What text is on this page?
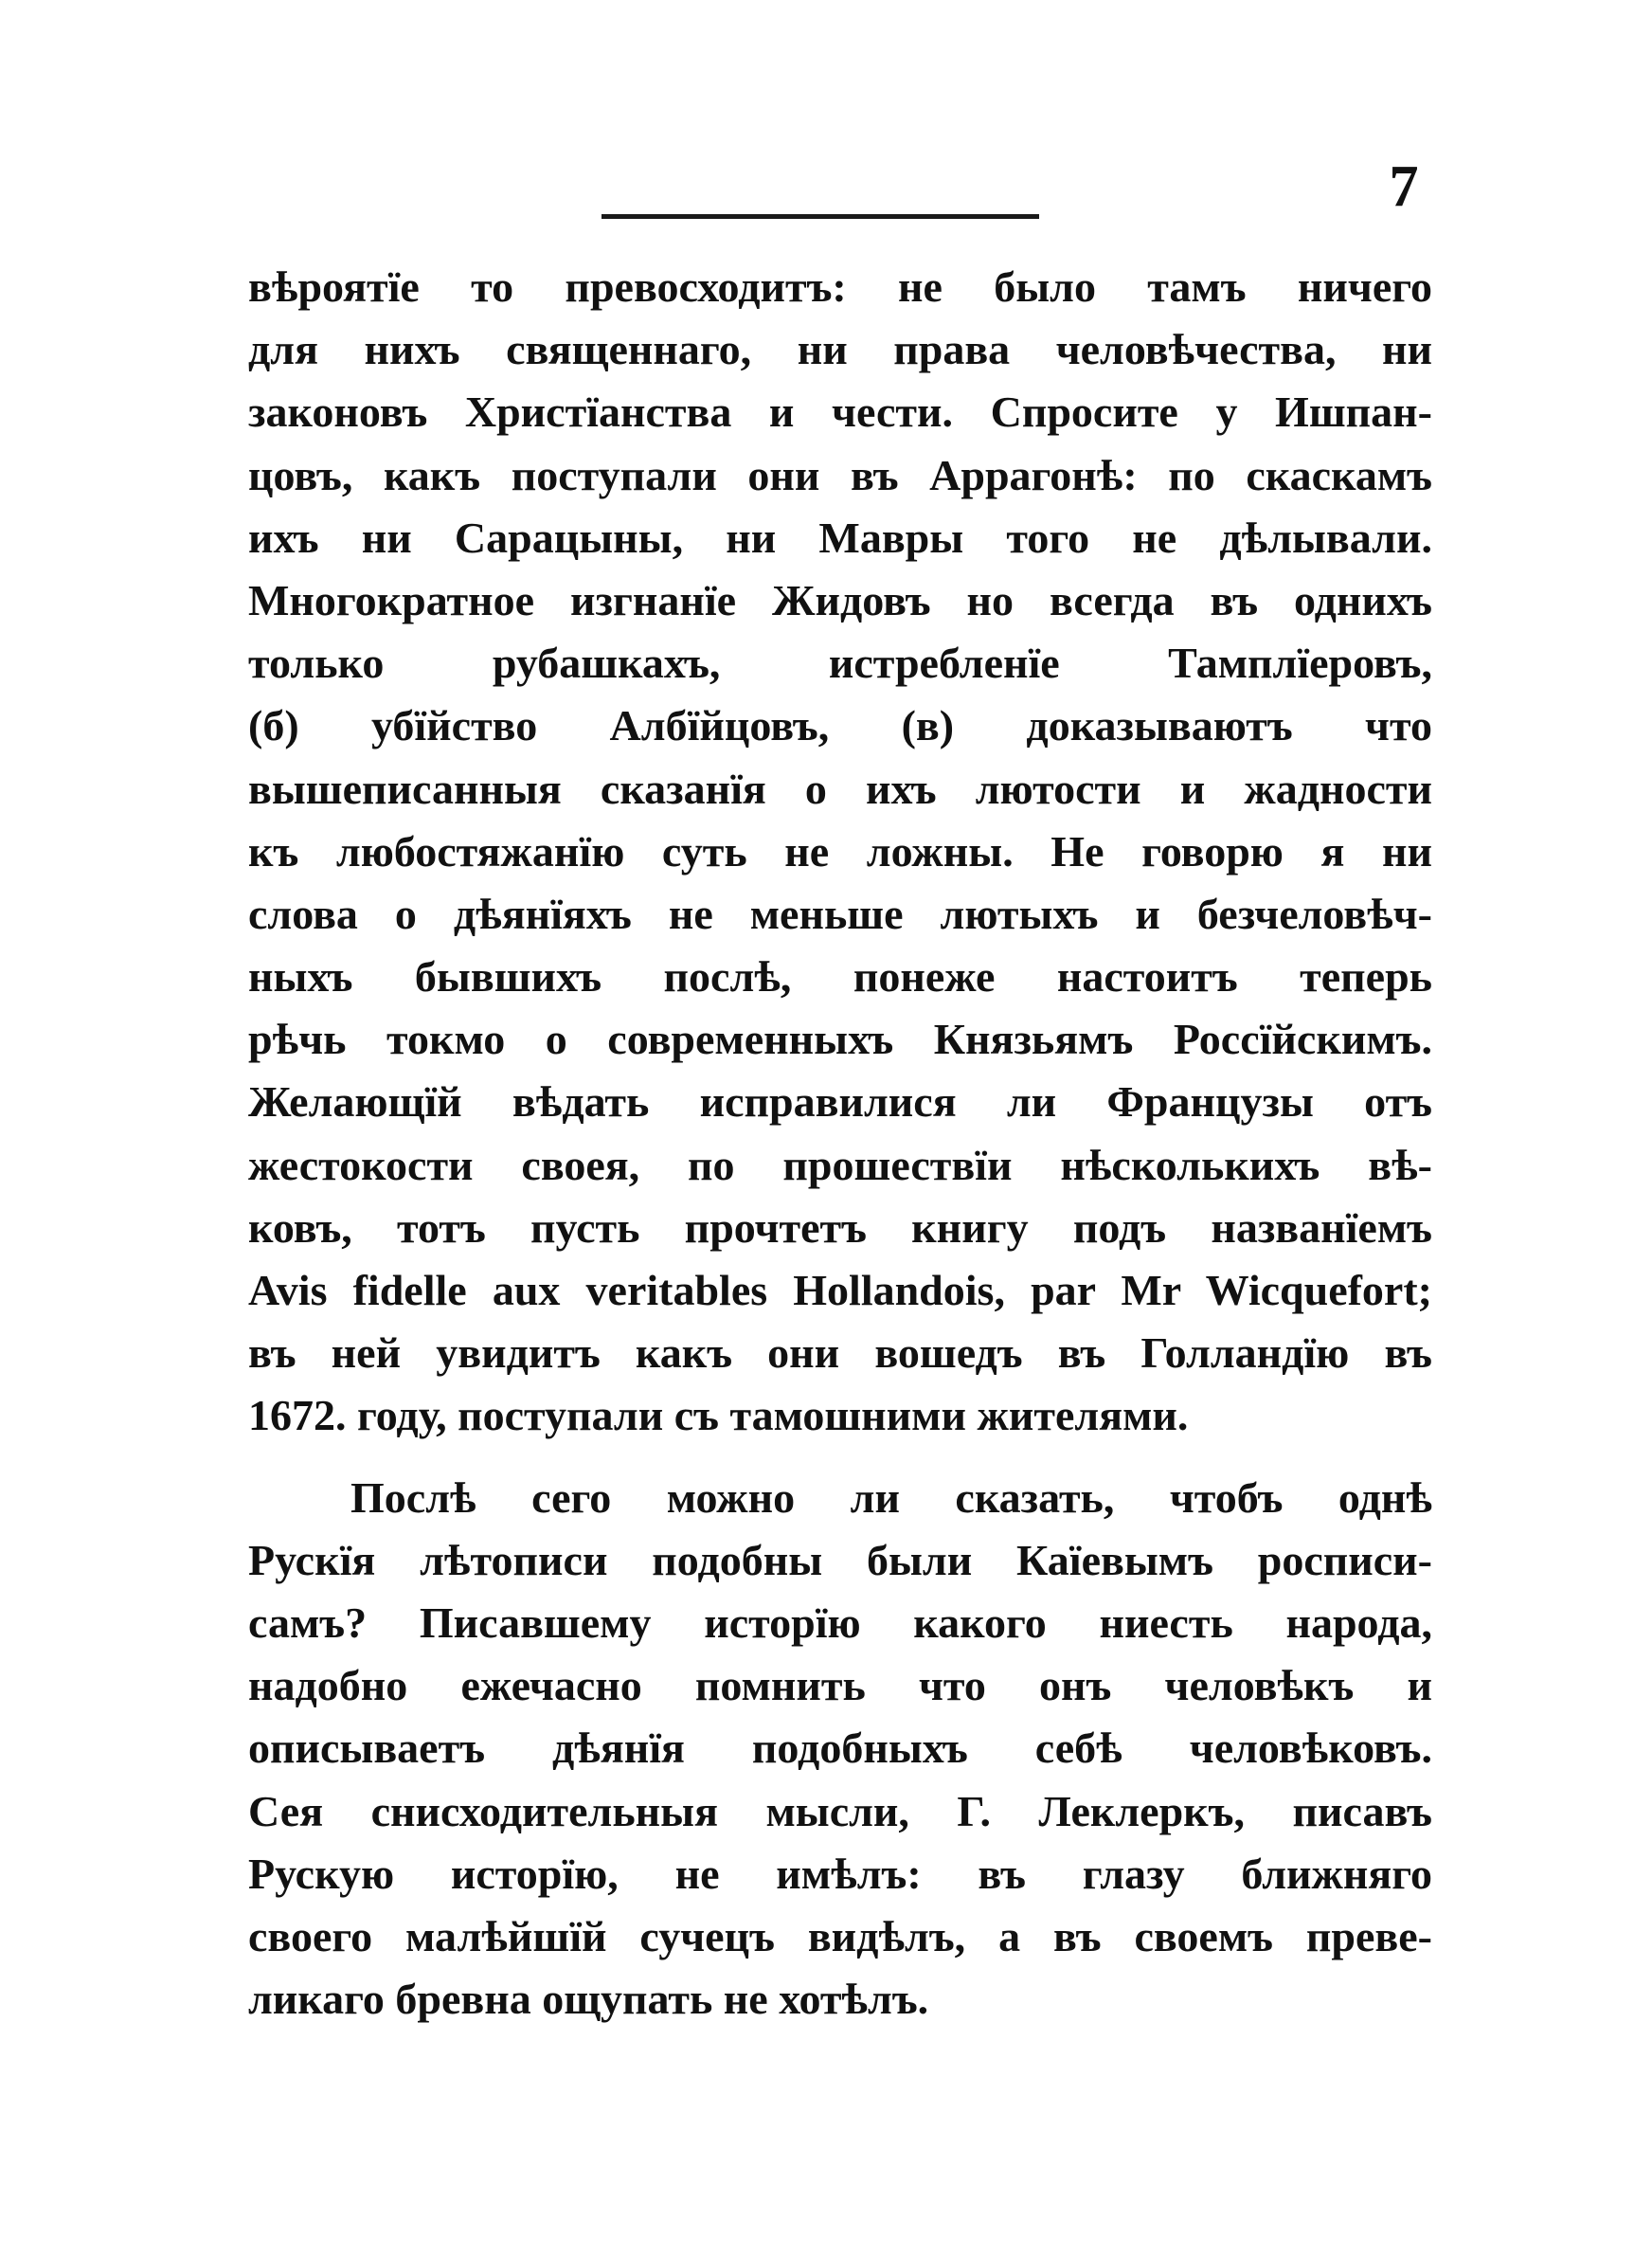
7
вѣроятїе то превосходитъ: не было тамъ ничего
для нихъ священнаго, ни права человѣчества, ни
законовъ Христїанства и чести. Спросите у Ишпан-
цовъ, какъ поступали они въ Аррагонѣ: по скаскамъ
ихъ ни Сарацыны, ни Мавры того не дѣлывали.
Многократное изгнанїе Жидовъ но всегда въ однихъ
только рубашкахъ, истребленїе Тамплїеровъ,
(б) убїйство Албїйцовъ, (в) доказываютъ что
вышеписанныя сказанїя о ихъ лютости и жадности
къ любостяжанїю суть не ложны. Не говорю я ни
слова о дѣянїяхъ не меньше лютыхъ и безчеловѣч-
ныхъ бывшихъ послѣ, понеже настоитъ теперь
рѣчь токмо о современныхъ Князьямъ Россїйскимъ.
Желающїй вѣдать исправилися ли Французы отъ
жестокости своея, по прошествїи нѣсколькихъ вѣ-
ковъ, тотъ пусть прочтетъ книгу подъ названїемъ
Avis fidelle aux veritables Hollandois, par Mr Wicquefort;
въ ней увидитъ какъ они вошедъ въ Голландїю въ
1672. году, поступали съ тамошними жителями.
Послѣ сего можно ли сказать, чтобъ однѣ
Рускїя лѣтописи подобны были Каїевымъ росписи-
самъ? Писавшему исторїю какого ниесть народа,
надобно ежечасно помнить что онъ человѣкъ и
описываетъ дѣянїя подобныхъ себѣ человѣковъ.
Сея снисходительныя мысли, Г. Леклеркъ, писавъ
Рускую исторїю, не имѣлъ: въ глазу ближняго
своего малѣйшїй сучецъ видѣлъ, а въ своемъ преве-
ликаго бревна ощупать не хотѣлъ.
